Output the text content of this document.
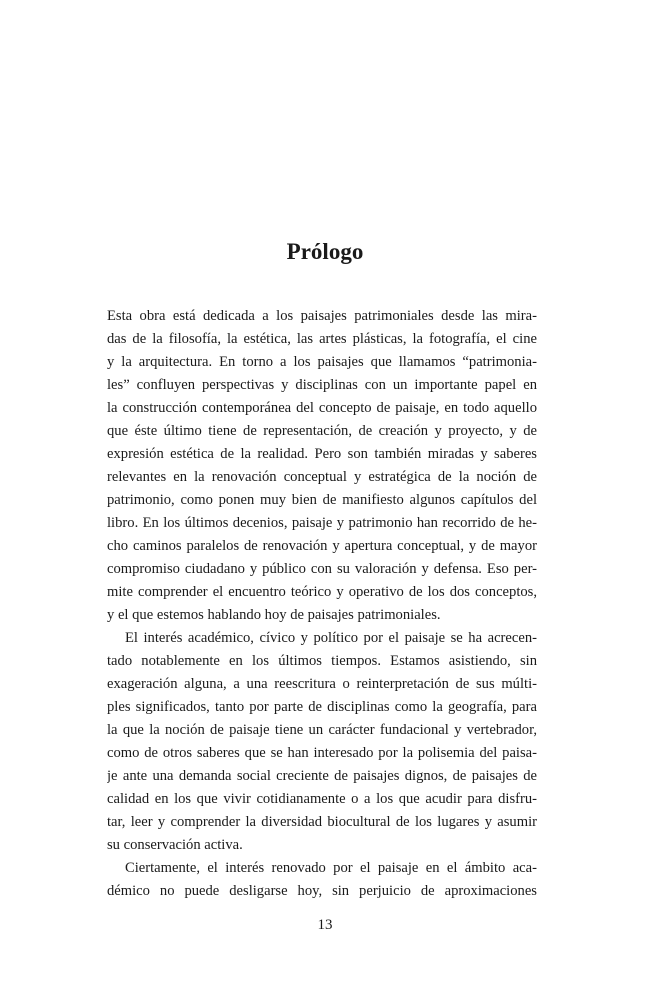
Prólogo
Esta obra está dedicada a los paisajes patrimoniales desde las mira-
das de la filosofía, la estética, las artes plásticas, la fotografía, el cine
y la arquitectura. En torno a los paisajes que llamamos “patrimonia-
les” confluyen perspectivas y disciplinas con un importante papel en
la construcción contemporánea del concepto de paisaje, en todo aquello
que éste último tiene de representación, de creación y proyecto, y de
expresión estética de la realidad. Pero son también miradas y saberes
relevantes en la renovación conceptual y estratégica de la noción de
patrimonio, como ponen muy bien de manifiesto algunos capítulos del
libro. En los últimos decenios, paisaje y patrimonio han recorrido de he-
cho caminos paralelos de renovación y apertura conceptual, y de mayor
compromiso ciudadano y público con su valoración y defensa. Eso per-
mite comprender el encuentro teórico y operativo de los dos conceptos,
y el que estemos hablando hoy de paisajes patrimoniales.
El interés académico, cívico y político por el paisaje se ha acrecen-
tado notablemente en los últimos tiempos. Estamos asistiendo, sin
exageración alguna, a una reescritura o reinterpretación de sus múlti-
ples significados, tanto por parte de disciplinas como la geografía, para
la que la noción de paisaje tiene un carácter fundacional y vertebrador,
como de otros saberes que se han interesado por la polisemia del paisa-
je ante una demanda social creciente de paisajes dignos, de paisajes de
calidad en los que vivir cotidianamente o a los que acudir para disfru-
tar, leer y comprender la diversidad biocultural de los lugares y asumir
su conservación activa.
Ciertamente, el interés renovado por el paisaje en el ámbito aca-
démico no puede desligarse hoy, sin perjuicio de aproximaciones
13
